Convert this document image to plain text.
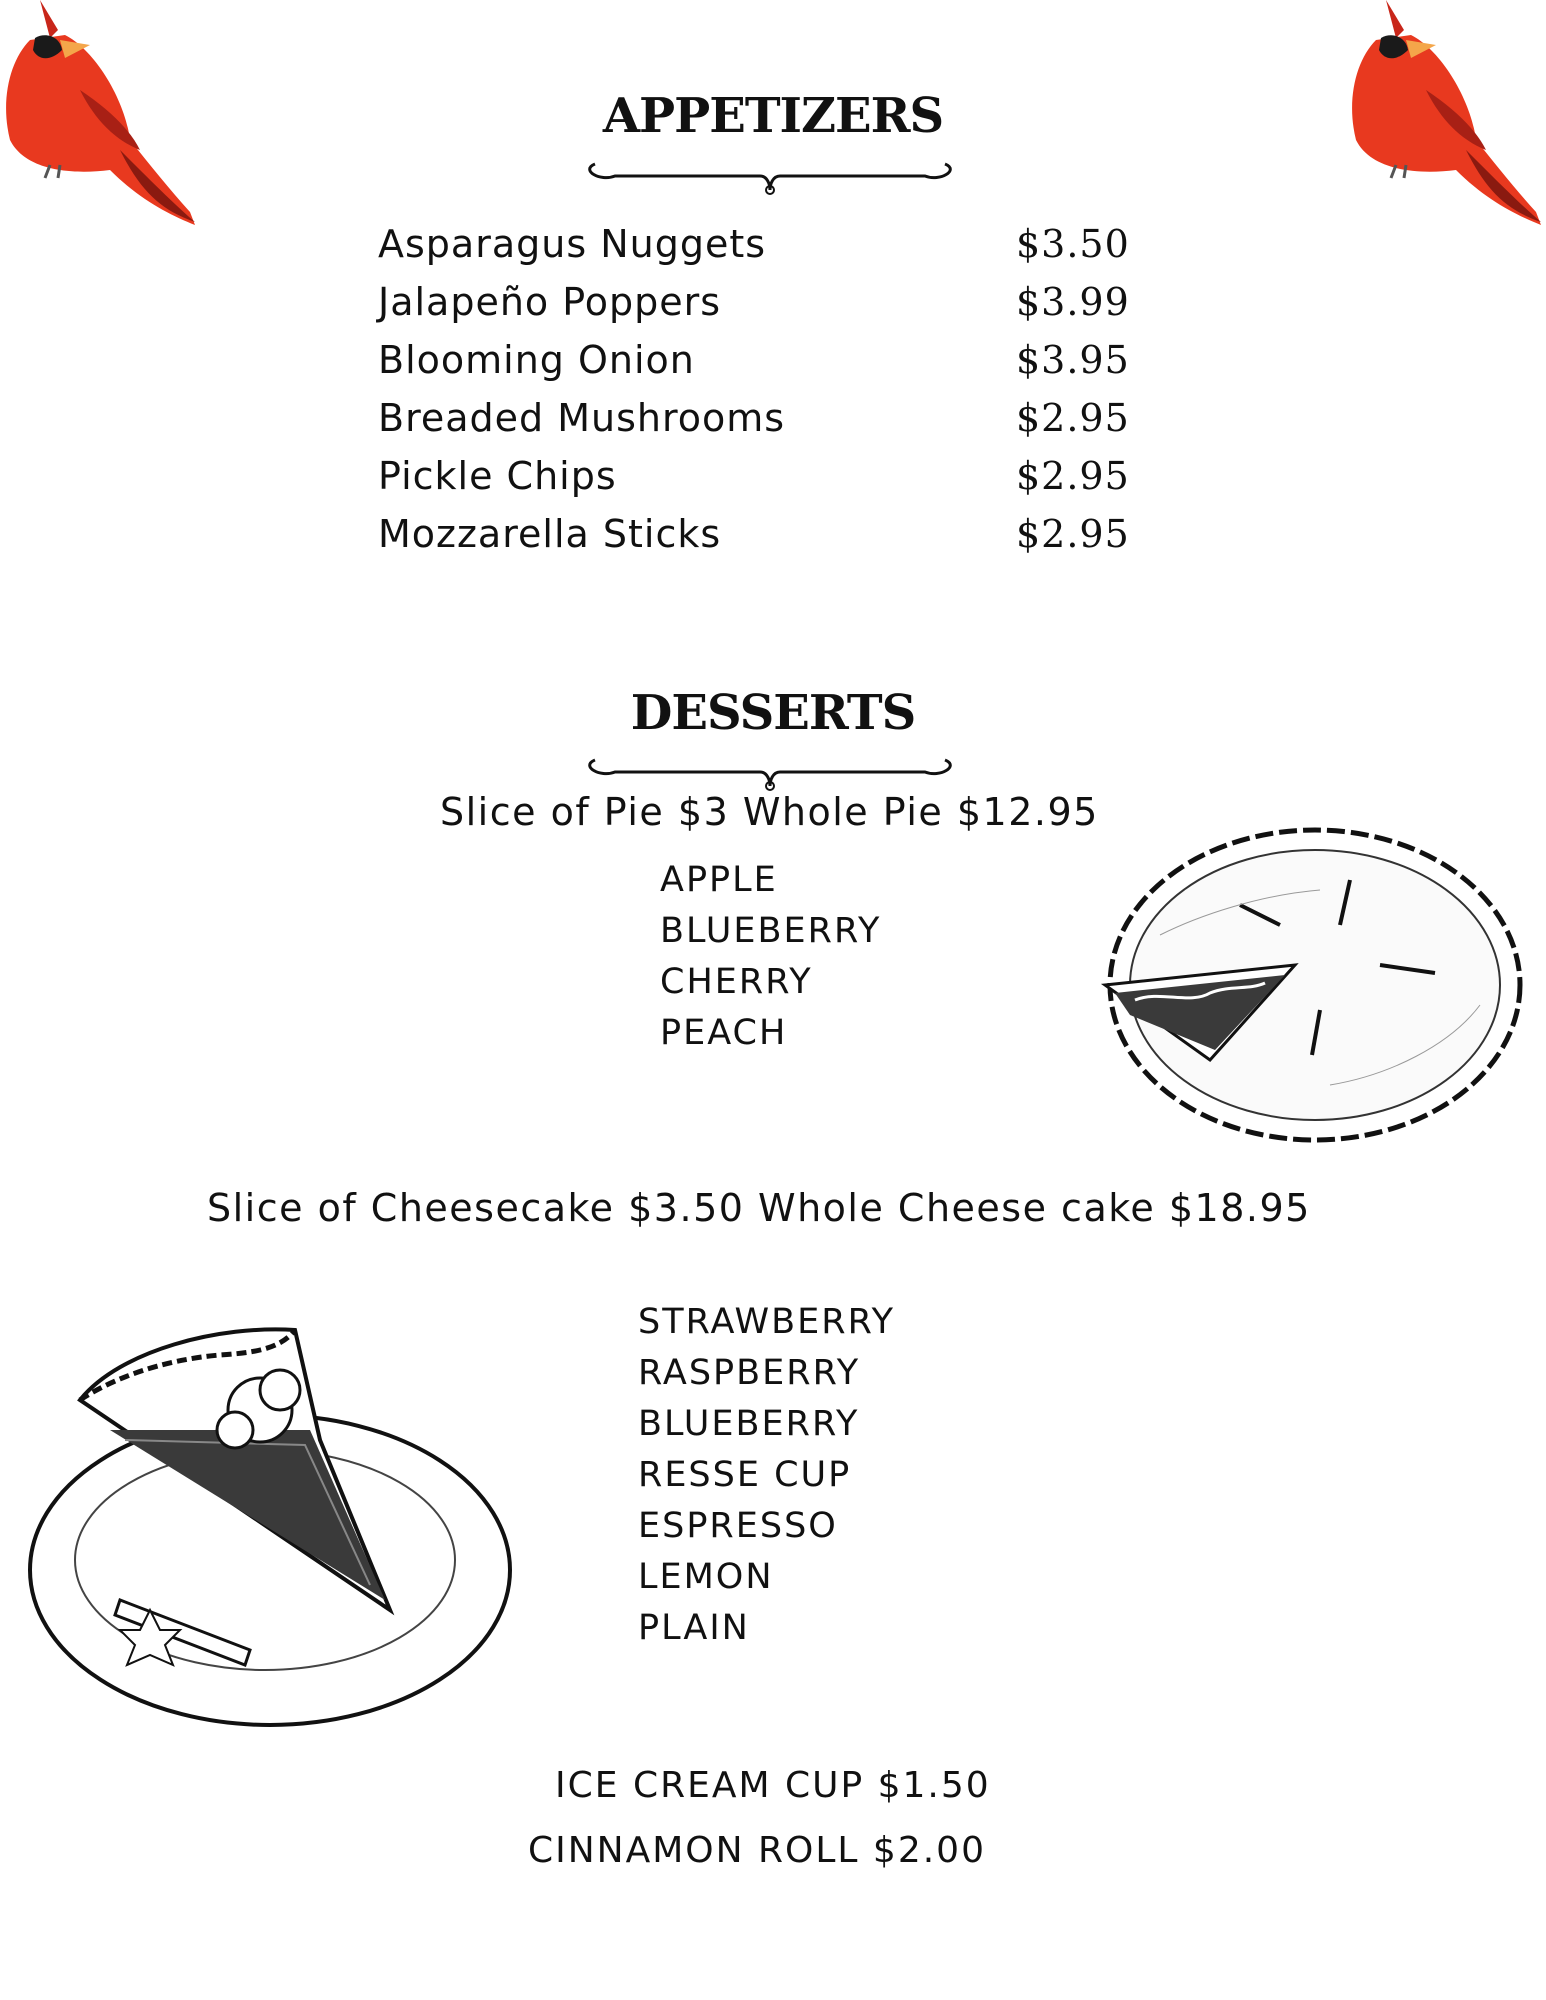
APPETIZERS
Asparagus Nuggets	$3.50
Jalapeño Poppers	$3.99
Blooming Onion	$3.95
Breaded Mushrooms	$2.95
Pickle Chips	$2.95
Mozzarella Sticks	$2.95
DESSERTS
Slice of Pie $3 Whole Pie $12.95
APPLE
BLUEBERRY
CHERRY
PEACH
Slice of Cheesecake $3.50 Whole Cheese cake $18.95
STRAWBERRY
RASPBERRY
BLUEBERRY
RESSE CUP
ESPRESSO
LEMON
PLAIN
ICE CREAM CUP $1.50
CINNAMON ROLL $2.00
